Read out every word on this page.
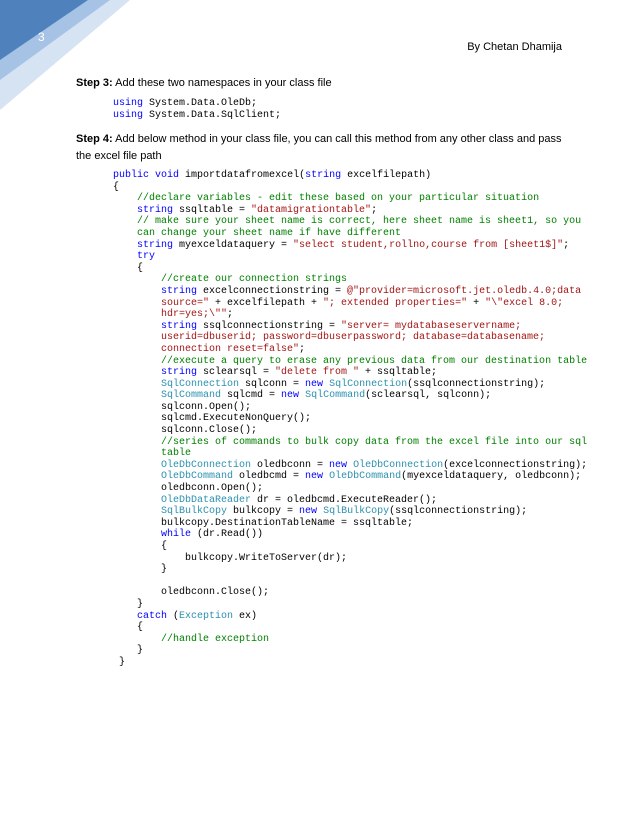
3
By Chetan Dhamija
Step 3: Add these two namespaces in your class file
using System.Data.OleDb;
using System.Data.SqlClient;
Step 4: Add below method in your class file, you can call this method from any other class and pass the excel file path
public void importdatafromexcel(string excelfilepath)
{
//declare variables - edit these based on your particular situation
string ssqltable = "datamigrationtable";
// make sure your sheet name is correct, here sheet name is sheet1, so you
can change your sheet name if have different
string myexceldataquery = "select student,rollno,course from [sheet1$]";
try
{
//create our connection strings
string excelconnectionstring = @"provider=microsoft.jet.oledb.4.0;data
source=" + excelfilepath + "; extended properties=" + "\"excel 8.0;
hdr=yes;\"";
string ssqlconnectionstring = "server= mydatabaseservername;
userid=dbuserid; password=dbuserpassword; database=databasename;
connection reset=false";
//execute a query to erase any previous data from our destination table
string sclearsql = "delete from " + ssqltable;
SqlConnection sqlconn = new SqlConnection(ssqlconnectionstring);
SqlCommand sqlcmd = new SqlCommand(sclearsql, sqlconn);
sqlconn.Open();
sqlcmd.ExecuteNonQuery();
sqlconn.Close();
//series of commands to bulk copy data from the excel file into our sql
table
OleDbConnection oledbconn = new OleDbConnection(excelconnectionstring);
OleDbCommand oledbcmd = new OleDbCommand(myexceldataquery, oledbconn);
oledbconn.Open();
OleDbDataReader dr = oledbcmd.ExecuteReader();
SqlBulkCopy bulkcopy = new SqlBulkCopy(ssqlconnectionstring);
bulkcopy.DestinationTableName = ssqltable;
while (dr.Read())
{
bulkcopy.WriteToServer(dr);
}
oledbconn.Close();
}
catch (Exception ex)
{
//handle exception
}
}
